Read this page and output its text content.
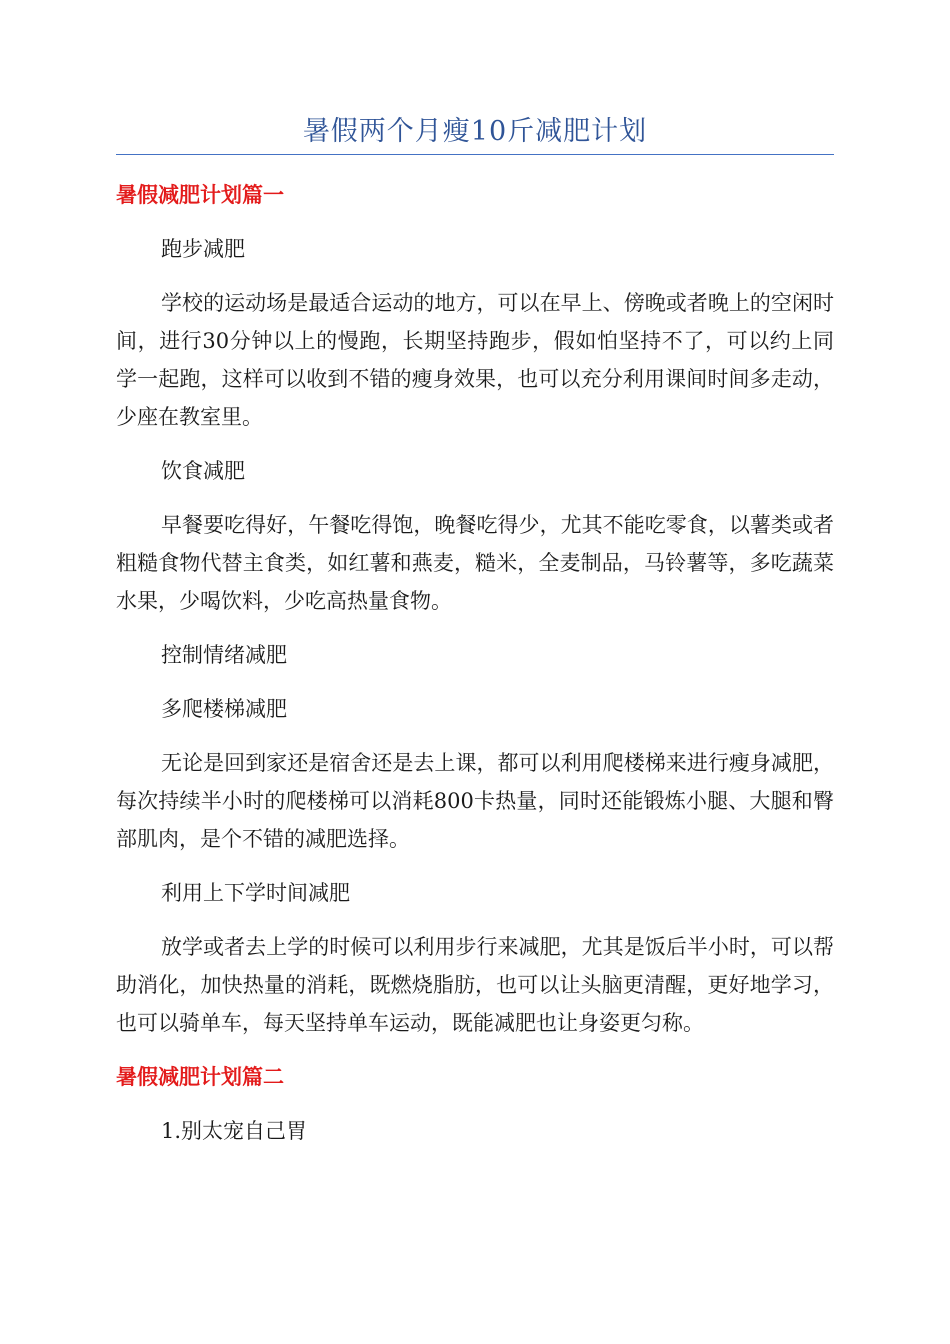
暑假两个月瘦10斤减肥计划
暑假减肥计划篇一

跑步减肥

学校的运动场是最适合运动的地方，可以在早上、傍晚或者晚上的空闲时间，进行30分钟以上的慢跑，长期坚持跑步，假如怕坚持不了，可以约上同学一起跑，这样可以收到不错的瘦身效果，也可以充分利用课间时间多走动，少座在教室里。

饮食减肥

早餐要吃得好，午餐吃得饱，晚餐吃得少，尤其不能吃零食，以薯类或者粗糙食物代替主食类，如红薯和燕麦，糙米，全麦制品，马铃薯等，多吃蔬菜水果，少喝饮料，少吃高热量食物。

控制情绪减肥

多爬楼梯减肥

无论是回到家还是宿舍还是去上课，都可以利用爬楼梯来进行瘦身减肥，每次持续半小时的爬楼梯可以消耗800卡热量，同时还能锻炼小腿、大腿和臀部肌肉，是个不错的减肥选择。

利用上下学时间减肥

放学或者去上学的时候可以利用步行来减肥，尤其是饭后半小时，可以帮助消化，加快热量的消耗，既燃烧脂肪，也可以让头脑更清醒，更好地学习，也可以骑单车，每天坚持单车运动，既能减肥也让身姿更匀称。

暑假减肥计划篇二

1.别太宠自己胃
